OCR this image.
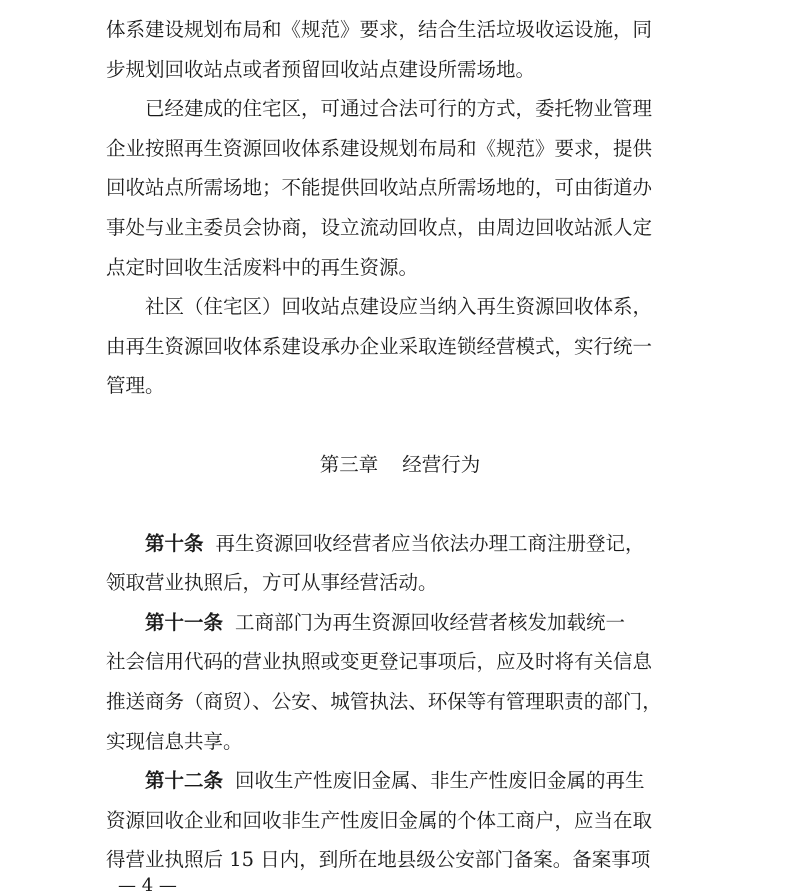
体系建设规划布局和《规范》要求，结合生活垃圾收运设施，同
步规划回收站点或者预留回收站点建设所需场地。

已经建成的住宅区，可通过合法可行的方式，委托物业管理
企业按照再生资源回收体系建设规划布局和《规范》要求，提供
回收站点所需场地；不能提供回收站点所需场地的，可由街道办
事处与业主委员会协商，设立流动回收点，由周边回收站派人定
点定时回收生活废料中的再生资源。

社区（住宅区）回收站点建设应当纳入再生资源回收体系，
由再生资源回收体系建设承办企业采取连锁经营模式，实行统一
管理。

第三章 经营行为

第十条 再生资源回收经营者应当依法办理工商注册登记，
领取营业执照后，方可从事经营活动。

第十一条 工商部门为再生资源回收经营者核发加载统一
社会信用代码的营业执照或变更登记事项后，应及时将有关信息
推送商务（商贸）、公安、城管执法、环保等有管理职责的部门，
实现信息共享。

第十二条 回收生产性废旧金属、非生产性废旧金属的再生
资源回收企业和回收非生产性废旧金属的个体工商户，应当在取
得营业执照后 15 日内，到所在地县级公安部门备案。备案事项

— 4 —
